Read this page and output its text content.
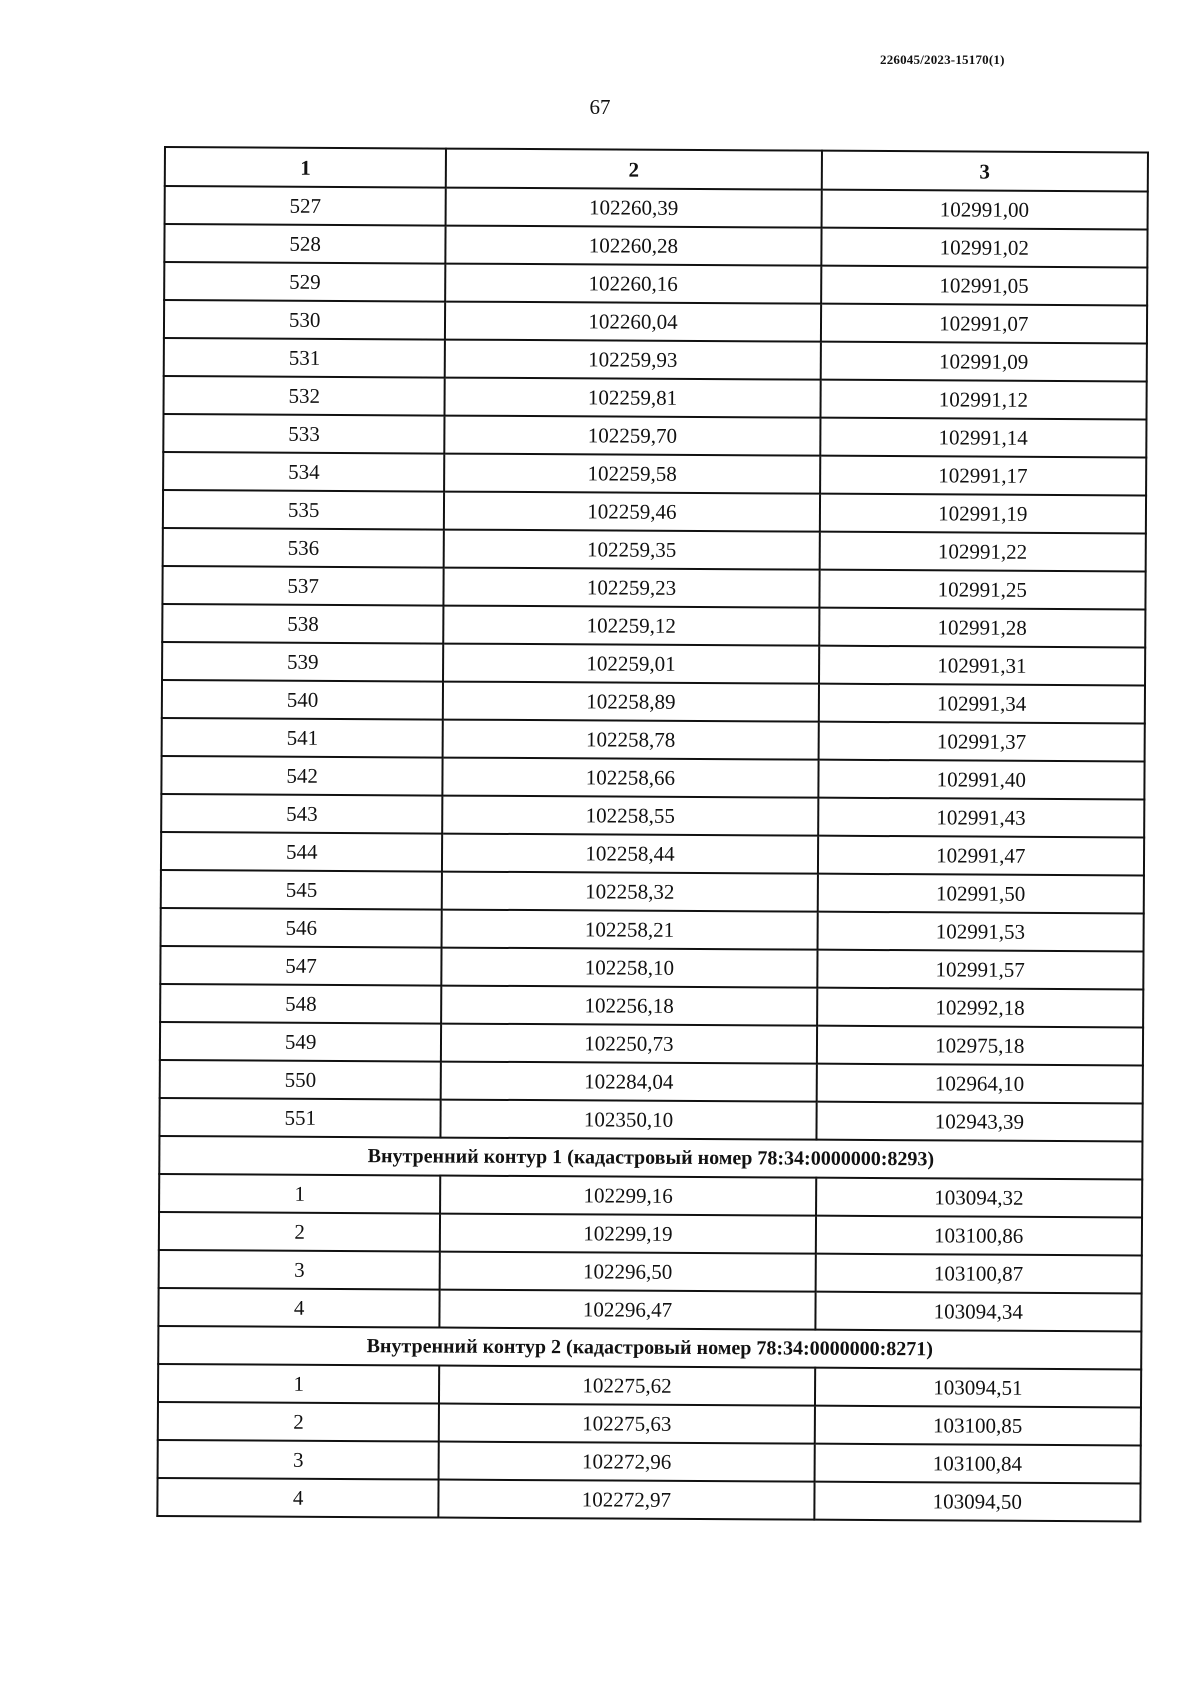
226045/2023-15170(1)
67
1	2	3
527	102260,39	102991,00
528	102260,28	102991,02
529	102260,16	102991,05
530	102260,04	102991,07
531	102259,93	102991,09
532	102259,81	102991,12
533	102259,70	102991,14
534	102259,58	102991,17
535	102259,46	102991,19
536	102259,35	102991,22
537	102259,23	102991,25
538	102259,12	102991,28
539	102259,01	102991,31
540	102258,89	102991,34
541	102258,78	102991,37
542	102258,66	102991,40
543	102258,55	102991,43
544	102258,44	102991,47
545	102258,32	102991,50
546	102258,21	102991,53
547	102258,10	102991,57
548	102256,18	102992,18
549	102250,73	102975,18
550	102284,04	102964,10
551	102350,10	102943,39
Внутренний контур 1 (кадастровый номер 78:34:0000000:8293)		
1	102299,16	103094,32
2	102299,19	103100,86
3	102296,50	103100,87
4	102296,47	103094,34
Внутренний контур 2 (кадастровый номер 78:34:0000000:8271)		
1	102275,62	103094,51
2	102275,63	103100,85
3	102272,96	103100,84
4	102272,97	103094,50
